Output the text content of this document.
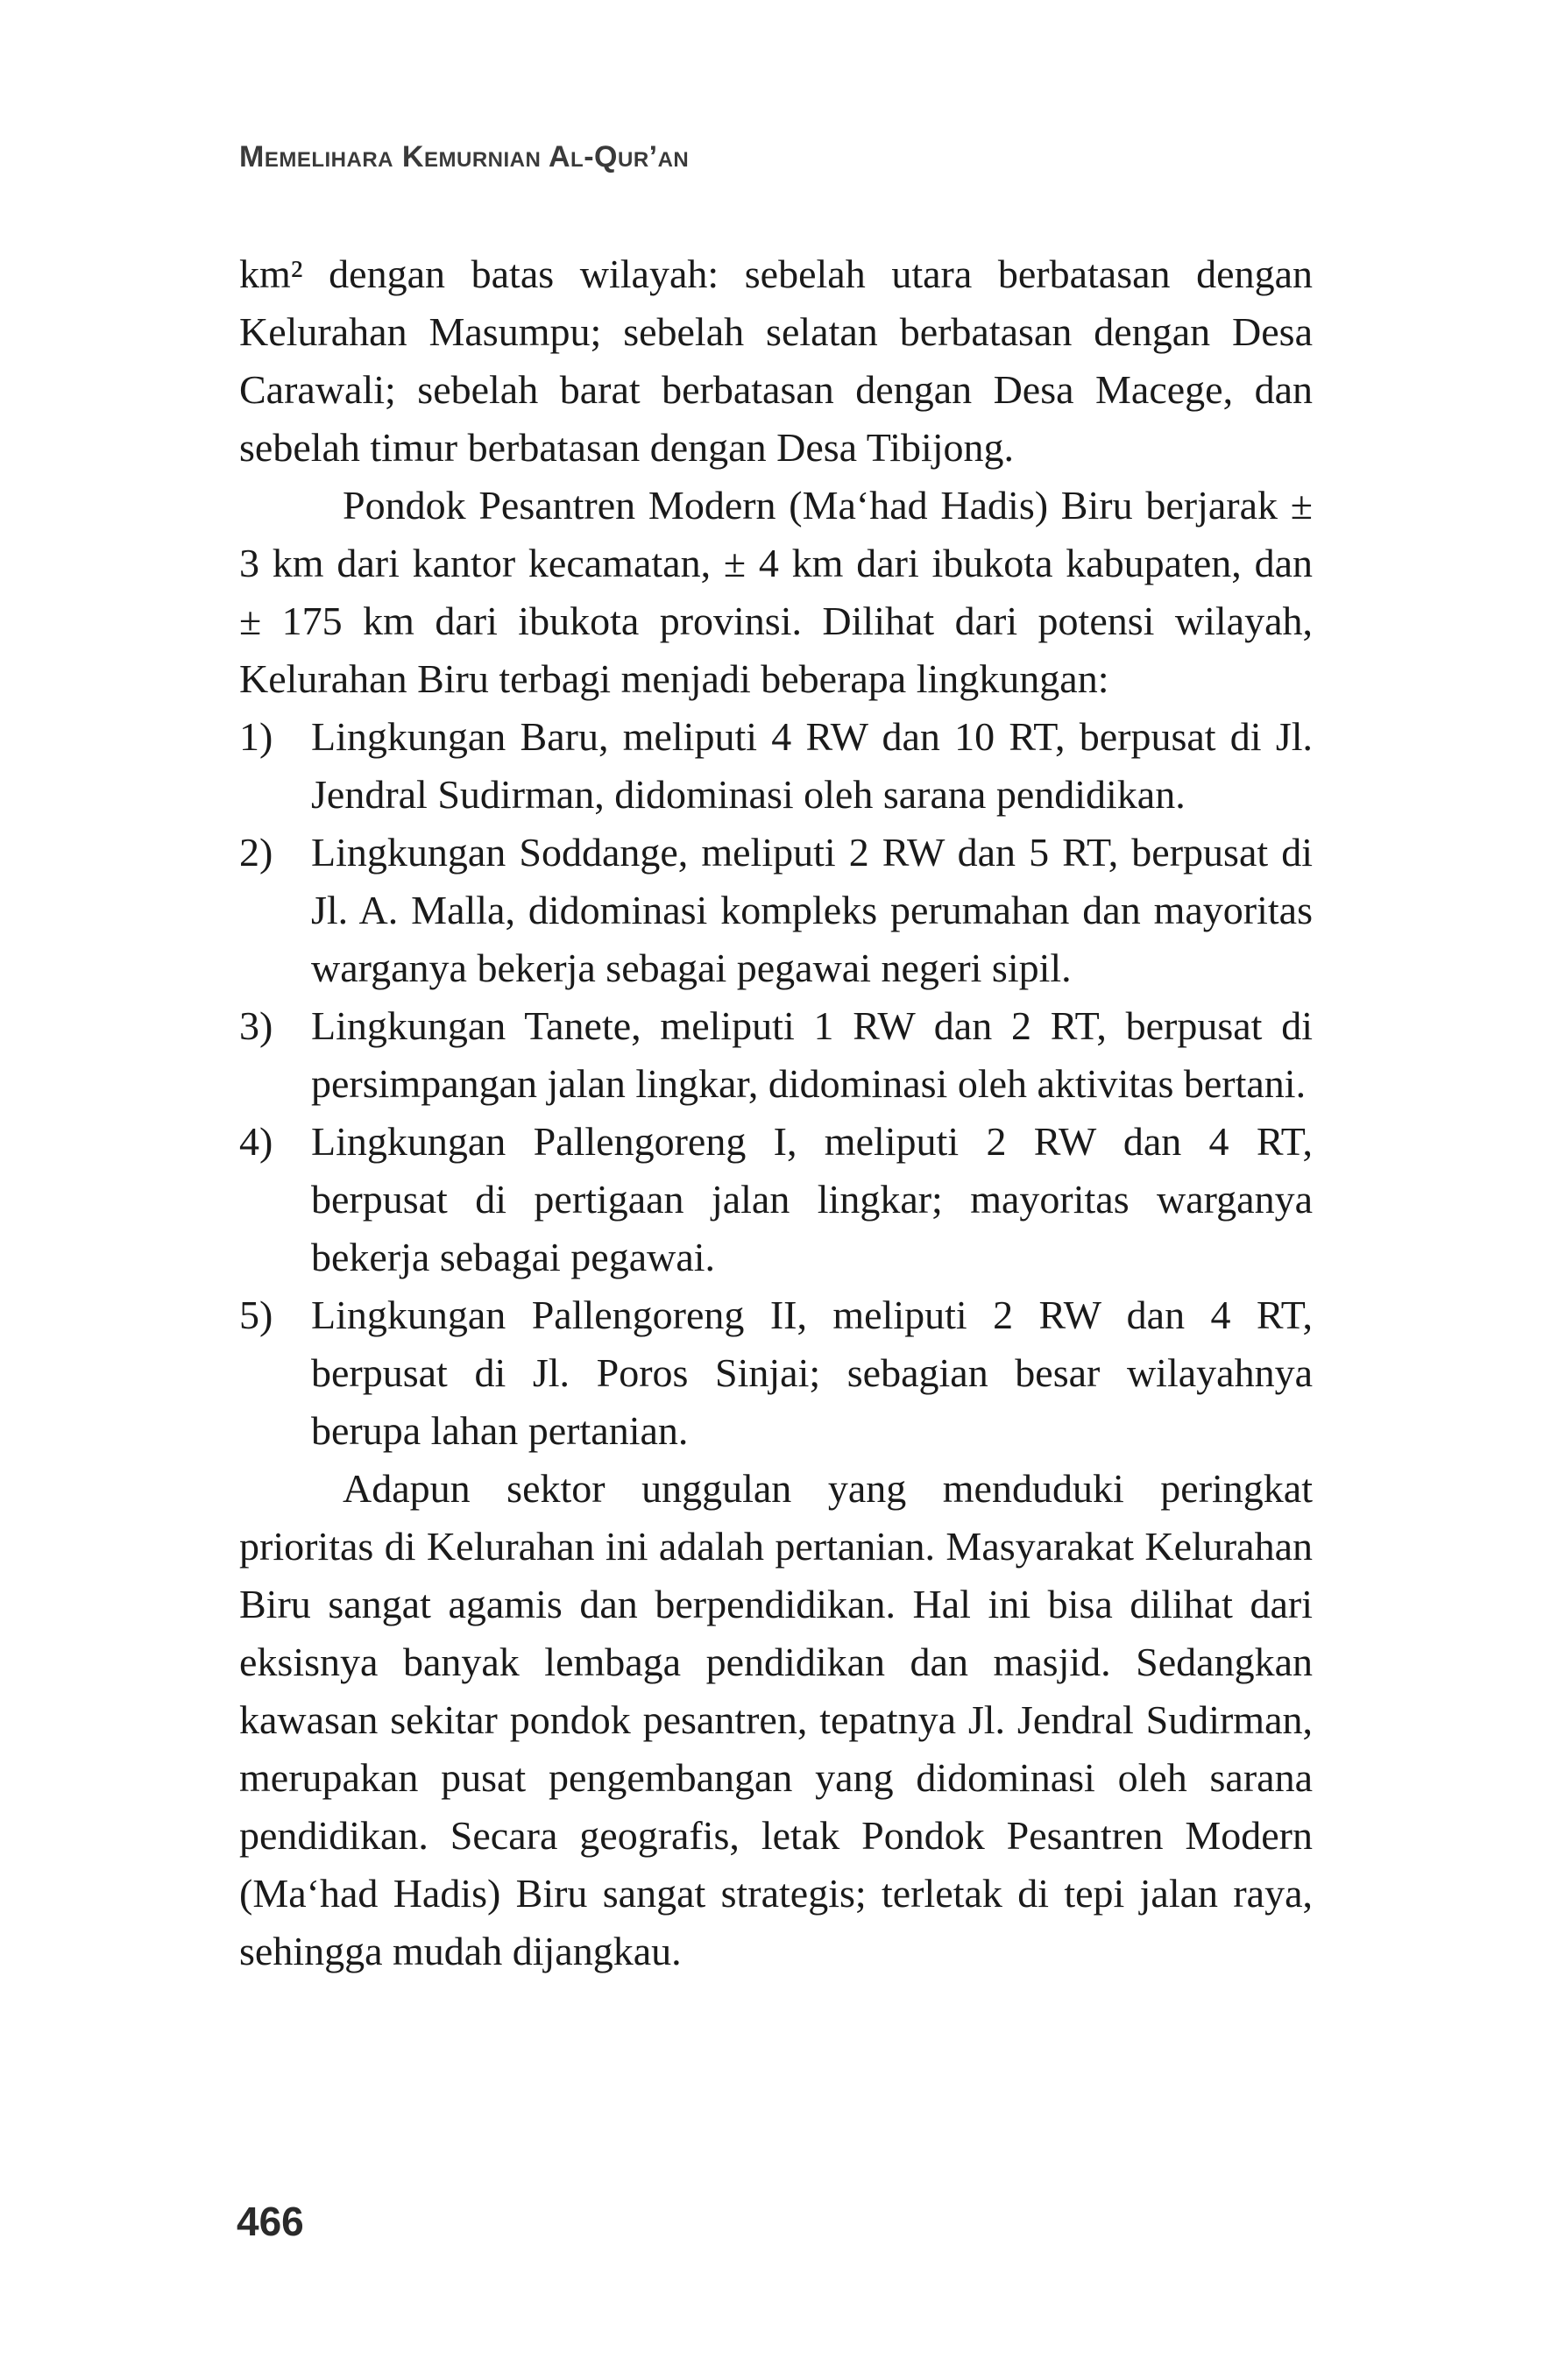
Memelihara Kemurnian Al-Qur’an

km² dengan batas wilayah: sebelah utara berbatasan dengan Kelurahan Masumpu; sebelah selatan berbatasan dengan Desa Carawali; sebelah barat berbatasan dengan Desa Macege, dan sebelah timur berbatasan dengan Desa Tibijong.

Pondok Pesantren Modern (Ma‘had Hadis) Biru berjarak ± 3 km dari kantor kecamatan, ± 4 km dari ibukota kabupaten, dan ± 175 km dari ibukota provinsi. Dilihat dari potensi wilayah, Kelurahan Biru terbagi menjadi beberapa lingkungan:

1) Lingkungan Baru, meliputi 4 RW dan 10 RT, berpusat di Jl. Jendral Sudirman, didominasi oleh sarana pendidikan.
2) Lingkungan Soddange, meliputi 2 RW dan 5 RT, berpusat di Jl. A. Malla, didominasi kompleks perumahan dan mayoritas warganya bekerja sebagai pegawai negeri sipil.
3) Lingkungan Tanete, meliputi 1 RW dan 2 RT, berpusat di persimpangan jalan lingkar, didominasi oleh aktivitas bertani.
4) Lingkungan Pallengoreng I, meliputi 2 RW dan 4 RT, berpusat di pertigaan jalan lingkar; mayoritas warganya bekerja sebagai pegawai.
5) Lingkungan Pallengoreng II, meliputi 2 RW dan 4 RT, berpusat di Jl. Poros Sinjai; sebagian besar wilayahnya berupa lahan pertanian.

Adapun sektor unggulan yang menduduki peringkat prioritas di Kelurahan ini adalah pertanian. Masyarakat Kelurahan Biru sangat agamis dan berpendidikan. Hal ini bisa dilihat dari eksisnya banyak lembaga pendidikan dan masjid. Sedangkan kawasan sekitar pondok pesantren, tepatnya Jl. Jendral Sudirman, merupakan pusat pengembangan yang didominasi oleh sarana pendidikan. Secara geografis, letak Pondok Pesantren Modern (Ma‘had Hadis) Biru sangat strategis; terletak di tepi jalan raya, sehingga mudah dijangkau.

466
